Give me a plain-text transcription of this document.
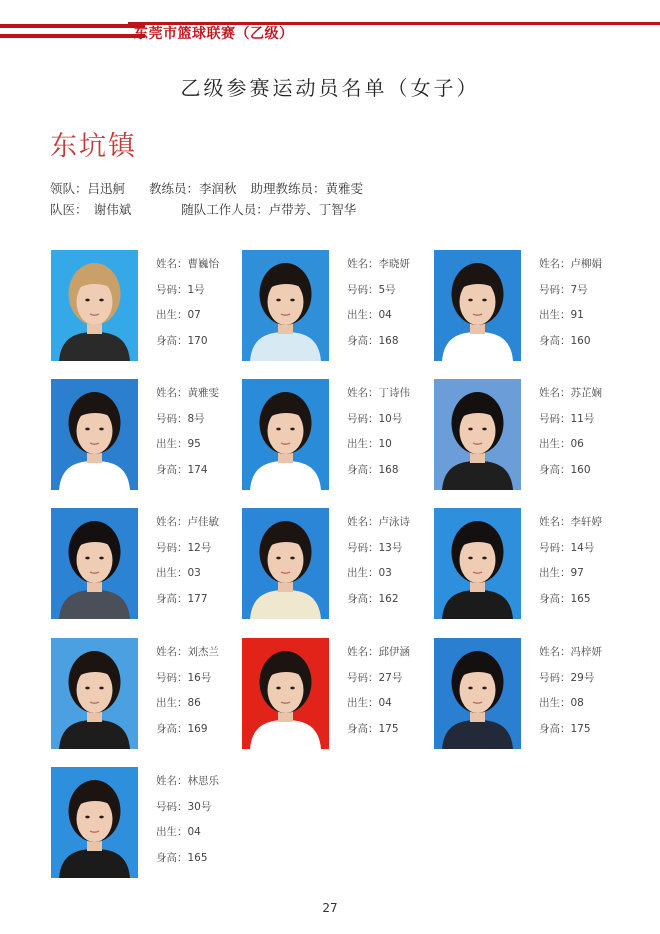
东莞市篮球联赛（乙级）
乙级参赛运动员名单（女子）
东坑镇
领队：吕迅舸 教练员：李润秋 助理教练员：黄雅雯
队医：　谢伟斌	随队工作人员：卢带芳、丁智华
姓名：曹巍怡
号码：1号
出生：07
身高：170
姓名：李晓妍
号码：5号
出生：04
身高：168
姓名：卢柳娟
号码：7号
出生：91
身高：160
姓名：黄雅雯
号码：8号
出生：95
身高：174
姓名：丁诗伟
号码：10号
出生：10
身高：168
姓名：苏芷娴
号码：11号
出生：06
身高：160
姓名：卢佳敏
号码：12号
出生：03
身高：177
姓名：卢泳诗
号码：13号
出生：03
身高：162
姓名：李轩婷
号码：14号
出生：97
身高：165
姓名：刘杰兰
号码：16号
出生：86
身高：169
姓名：邱伊涵
号码：27号
出生：04
身高：175
姓名：冯梓妍
号码：29号
出生：08
身高：175
姓名：林思乐
号码：30号
出生：04
身高：165
27
